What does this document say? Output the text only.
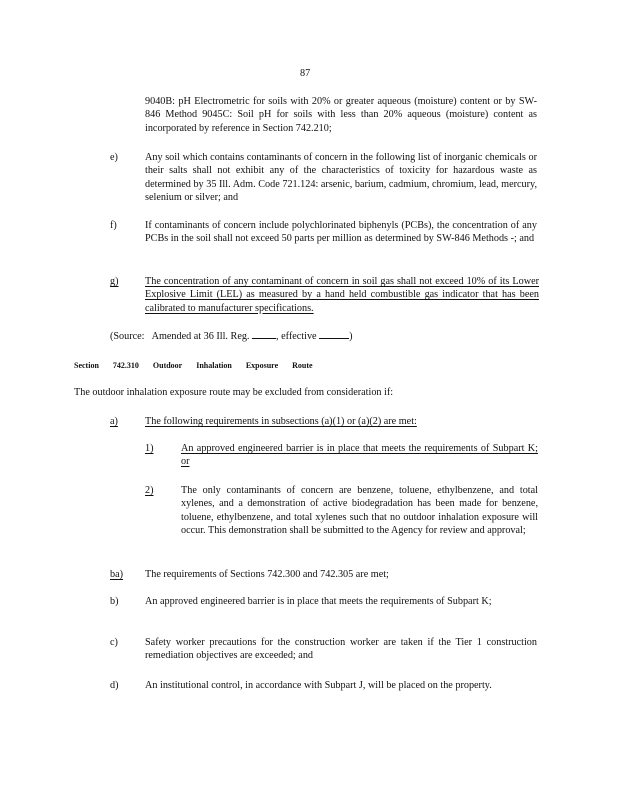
87
9040B: pH Electrometric for soils with 20% or greater aqueous (moisture) content or by SW-846 Method 9045C: Soil pH for soils with less than 20% aqueous (moisture) content as incorporated by reference in Section 742.210;
e)	Any soil which contains contaminants of concern in the following list of inorganic chemicals or their salts shall not exhibit any of the characteristics of toxicity for hazardous waste as determined by 35 Ill. Adm. Code 721.124: arsenic, barium, cadmium, chromium, lead, mercury, selenium or silver; and
f)	If contaminants of concern include polychlorinated biphenyls (PCBs), the concentration of any PCBs in the soil shall not exceed 50 parts per million as determined by SW-846 Methods -; and
g)	The concentration of any contaminant of concern in soil gas shall not exceed 10% of its Lower Explosive Limit (LEL) as measured by a hand held combustible gas indicator that has been calibrated to manufacturer specifications.
(Source: Amended at 36 Ill. Reg.	, effective	)
Section 742.310 Outdoor Inhalation Exposure Route
The outdoor inhalation exposure route may be excluded from consideration if:
a)	The following requirements in subsections (a)(1) or (a)(2) are met:
1)	An approved engineered barrier is in place that meets the requirements of Subpart K; or
2)	The only contaminants of concern are benzene, toluene, ethylbenzene, and total xylenes, and a demonstration of active biodegradation has been made for benzene, toluene, ethylbenzene, and total xylenes such that no outdoor inhalation exposure will occur. This demonstration shall be submitted to the Agency for review and approval;
ba) The requirements of Sections 742.300 and 742.305 are met;
b)	An approved engineered barrier is in place that meets the requirements of Subpart K;
c)	Safety worker precautions for the construction worker are taken if the Tier 1 construction remediation objectives are exceeded; and
d)	An institutional control, in accordance with Subpart J, will be placed on the property.
